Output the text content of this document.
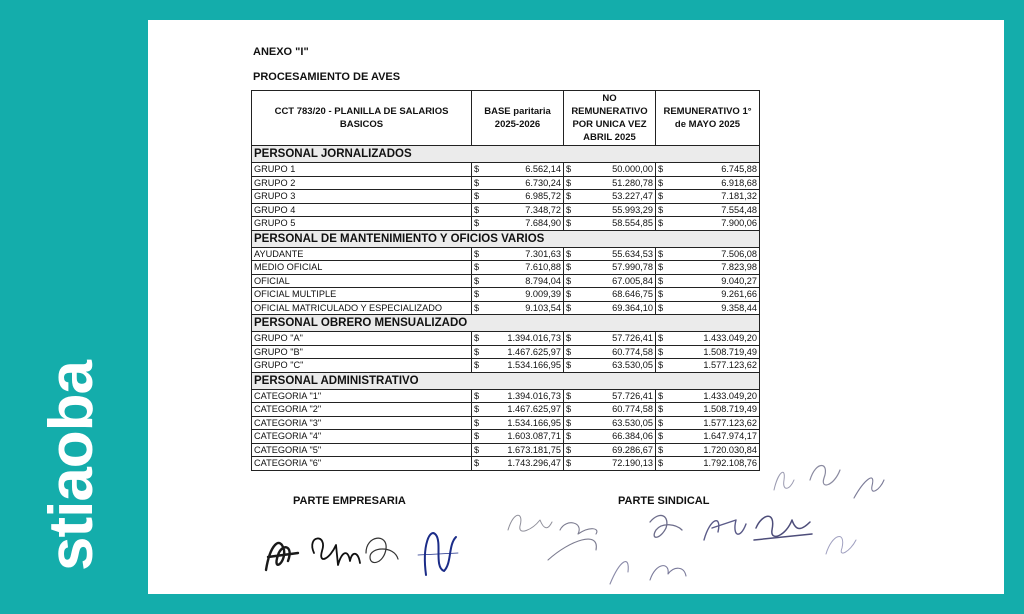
stiaoba
ANEXO "I"
PROCESAMIENTO DE AVES
CCT 783/20 - PLANILLA DE SALARIOS BASICOS	BASE paritaria 2025-2026		NO REMUNERATIVO POR UNICA VEZ ABRIL 2025		REMUNERATIVO 1° de MAYO 2025	
PERSONAL JORNALIZADOS						
GRUPO 1	$	6.562,14	$	50.000,00	$	6.745,88
GRUPO 2	$	6.730,24	$	51.280,78	$	6.918,68
GRUPO 3	$	6.985,72	$	53.227,47	$	7.181,32
GRUPO 4	$	7.348,72	$	55.993,29	$	7.554,48
GRUPO 5	$	7.684,90	$	58.554,85	$	7.900,06
PERSONAL DE MANTENIMIENTO Y OFICIOS VARIOS						
AYUDANTE	$	7.301,63	$	55.634,53	$	7.506,08
MEDIO OFICIAL	$	7.610,88	$	57.990,78	$	7.823,98
OFICIAL	$	8.794,04	$	67.005,84	$	9.040,27
OFICIAL MULTIPLE	$	9.009,39	$	68.646,75	$	9.261,66
OFICIAL MATRICULADO Y ESPECIALIZADO	$	9.103,54	$	69.364,10	$	9.358,44
PERSONAL OBRERO MENSUALIZADO						
GRUPO "A"	$	1.394.016,73	$	57.726,41	$	1.433.049,20
GRUPO "B"	$	1.467.625,97	$	60.774,58	$	1.508.719,49
GRUPO "C"	$	1.534.166,95	$	63.530,05	$	1.577.123,62
PERSONAL ADMINISTRATIVO						
CATEGORIA "1"	$	1.394.016,73	$	57.726,41	$	1.433.049,20
CATEGORIA "2"	$	1.467.625,97	$	60.774,58	$	1.508.719,49
CATEGORIA "3"	$	1.534.166,95	$	63.530,05	$	1.577.123,62
CATEGORIA "4"	$	1.603.087,71	$	66.384,06	$	1.647.974,17
CATEGORIA "5"	$	1.673.181,75	$	69.286,67	$	1.720.030,84
CATEGORIA "6"	$	1.743.296,47	$	72.190,13	$	1.792.108,76
PARTE EMPRESARIA	PARTE SINDICAL
